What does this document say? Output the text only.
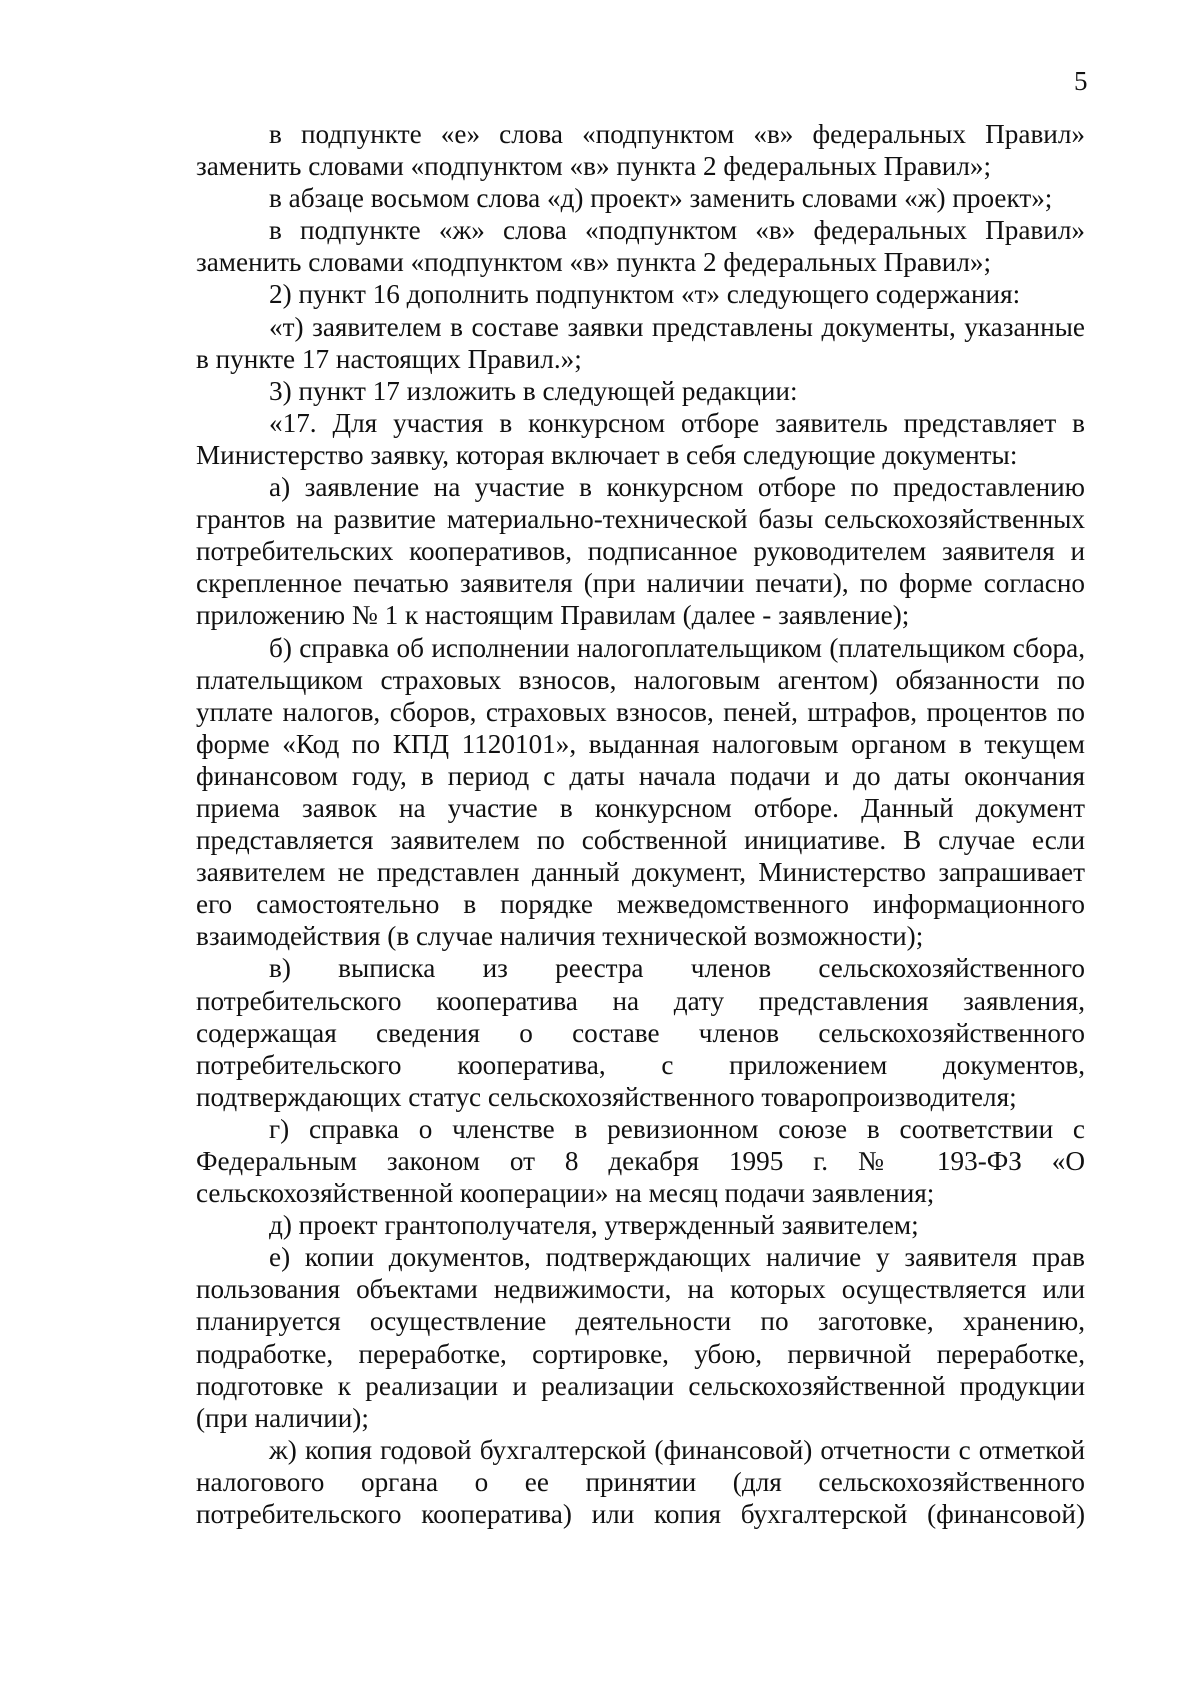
5

в подпункте «е» слова «подпунктом «в» федеральных Правил» заменить словами «подпунктом «в» пункта 2 федеральных Правил»;

в абзаце восьмом слова «д) проект» заменить словами «ж) проект»;

в подпункте «ж» слова «подпунктом «в» федеральных Правил» заменить словами «подпунктом «в» пункта 2 федеральных Правил»;

2) пункт 16 дополнить подпунктом «т» следующего содержания:

«т) заявителем в составе заявки представлены документы, указанные в пункте 17 настоящих Правил.»;

3) пункт 17 изложить в следующей редакции:

«17. Для участия в конкурсном отборе заявитель представляет в Министерство заявку, которая включает в себя следующие документы:

а) заявление на участие в конкурсном отборе по предоставлению грантов на развитие материально-технической базы сельскохозяйственных потребительских кооперативов, подписанное руководителем заявителя и скрепленное печатью заявителя (при наличии печати), по форме согласно приложению № 1 к настоящим Правилам (далее - заявление);

б) справка об исполнении налогоплательщиком (плательщиком сбора, плательщиком страховых взносов, налоговым агентом) обязанности по уплате налогов, сборов, страховых взносов, пеней, штрафов, процентов по форме «Код по КПД 1120101», выданная налоговым органом в текущем финансовом году, в период с даты начала подачи и до даты окончания приема заявок на участие в конкурсном отборе. Данный документ представляется заявителем по собственной инициативе. В случае если заявителем не представлен данный документ, Министерство запрашивает его самостоятельно в порядке межведомственного информационного взаимодействия (в случае наличия технической возможности);

в) выписка из реестра членов сельскохозяйственного потребительского кооператива на дату представления заявления, содержащая сведения о составе членов сельскохозяйственного потребительского кооператива, с приложением документов, подтверждающих статус сельскохозяйственного товаропроизводителя;

г) справка о членстве в ревизионном союзе в соответствии с Федеральным законом от 8 декабря 1995 г. № 193-ФЗ «О сельскохозяйственной кооперации» на месяц подачи заявления;

д) проект грантополучателя, утвержденный заявителем;

е) копии документов, подтверждающих наличие у заявителя прав пользования объектами недвижимости, на которых осуществляется или планируется осуществление деятельности по заготовке, хранению, подработке, переработке, сортировке, убою, первичной переработке, подготовке к реализации и реализации сельскохозяйственной продукции (при наличии);

ж) копия годовой бухгалтерской (финансовой) отчетности с отметкой налогового органа о ее принятии (для сельскохозяйственного потребительского кооператива) или копия бухгалтерской (финансовой)
